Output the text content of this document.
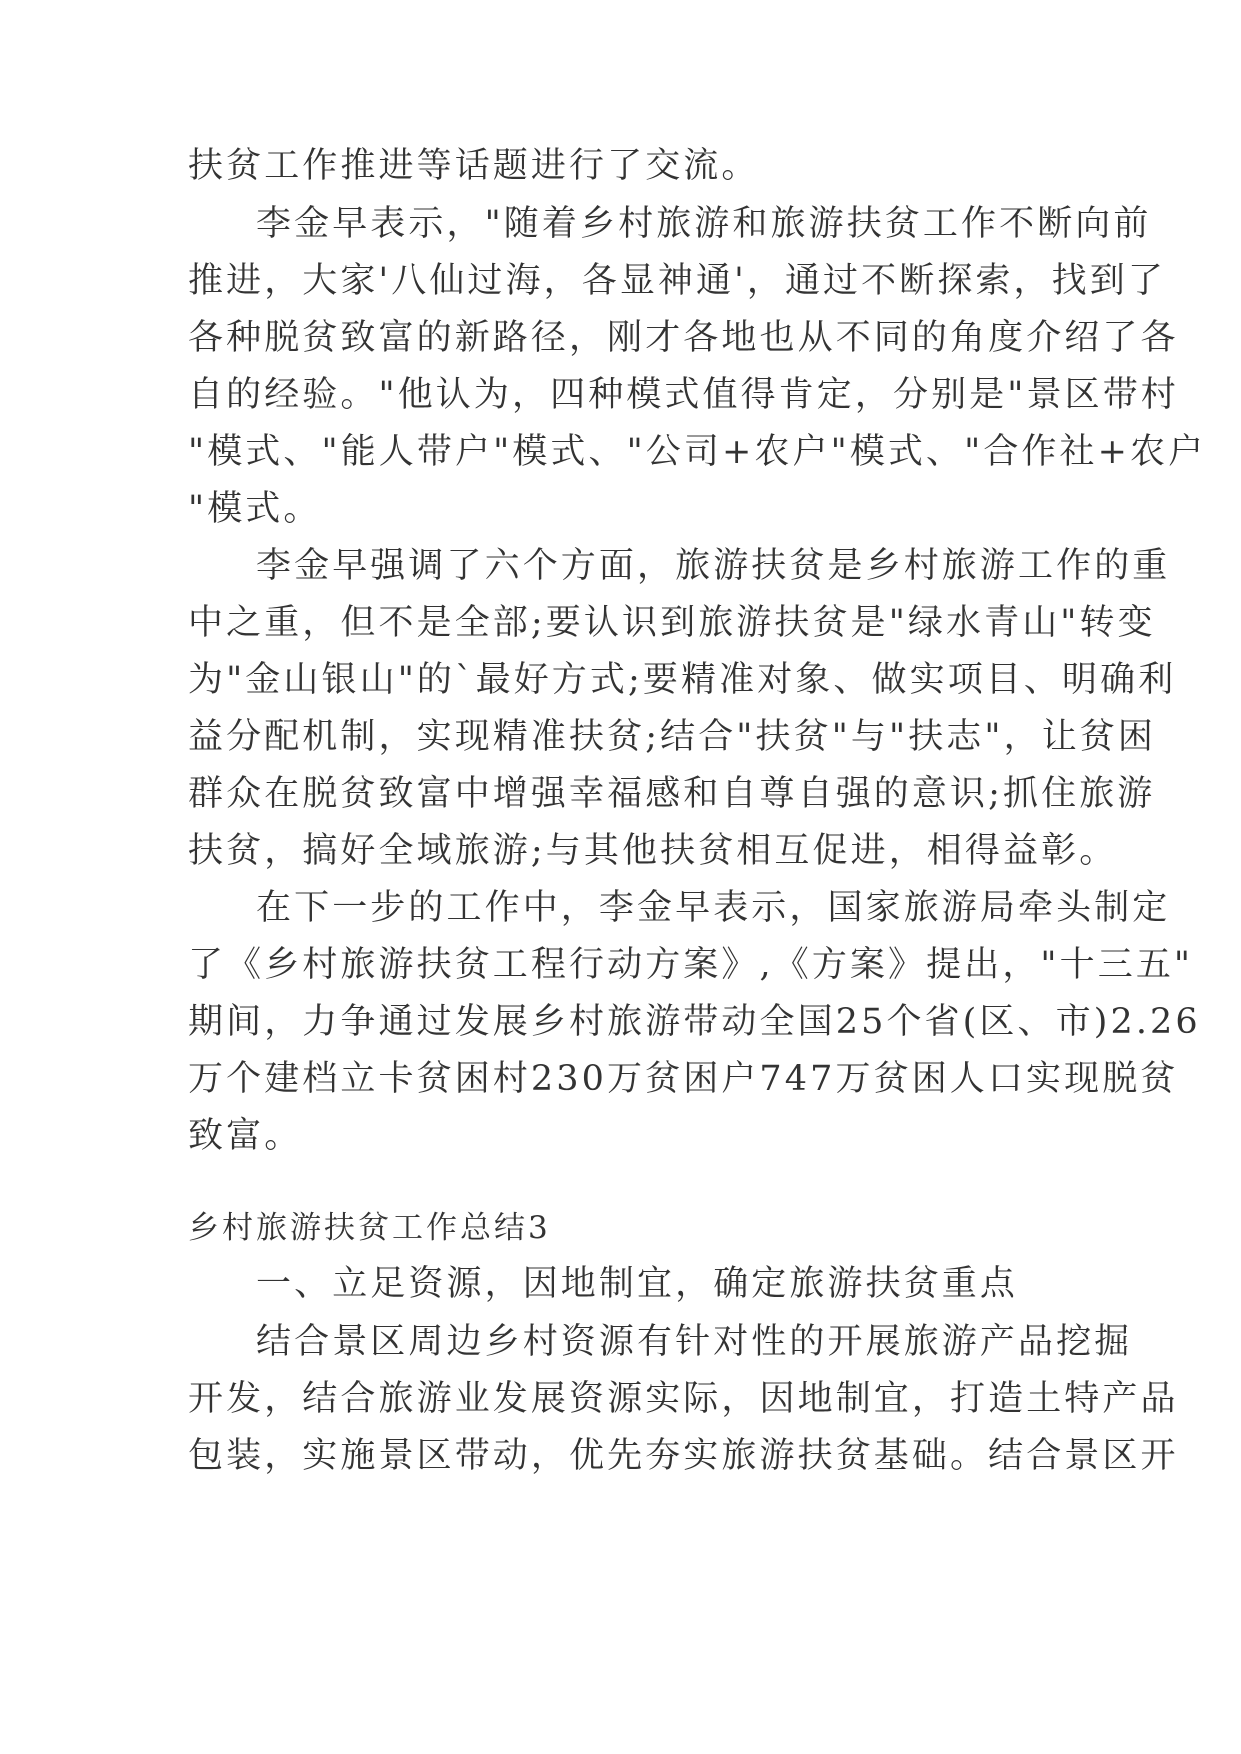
扶贫工作推进等话题进行了交流。
李金早表示，"随着乡村旅游和旅游扶贫工作不断向前
推进，大家'八仙过海，各显神通'，通过不断探索，找到了
各种脱贫致富的新路径，刚才各地也从不同的角度介绍了各
自的经验。"他认为，四种模式值得肯定，分别是"景区带村
"模式、"能人带户"模式、"公司+农户"模式、"合作社+农户
"模式。
李金早强调了六个方面，旅游扶贫是乡村旅游工作的重
中之重，但不是全部;要认识到旅游扶贫是"绿水青山"转变
为"金山银山"的`最好方式;要精准对象、做实项目、明确利
益分配机制，实现精准扶贫;结合"扶贫"与"扶志"，让贫困
群众在脱贫致富中增强幸福感和自尊自强的意识;抓住旅游
扶贫，搞好全域旅游;与其他扶贫相互促进，相得益彰。
在下一步的工作中，李金早表示，国家旅游局牵头制定
了《乡村旅游扶贫工程行动方案》,《方案》提出，"十三五"
期间，力争通过发展乡村旅游带动全国25个省(区、市)2.26
万个建档立卡贫困村230万贫困户747万贫困人口实现脱贫
致富。
乡村旅游扶贫工作总结3
一、立足资源，因地制宜，确定旅游扶贫重点
结合景区周边乡村资源有针对性的开展旅游产品挖掘
开发，结合旅游业发展资源实际，因地制宜，打造土特产品
包装，实施景区带动，优先夯实旅游扶贫基础。结合景区开
